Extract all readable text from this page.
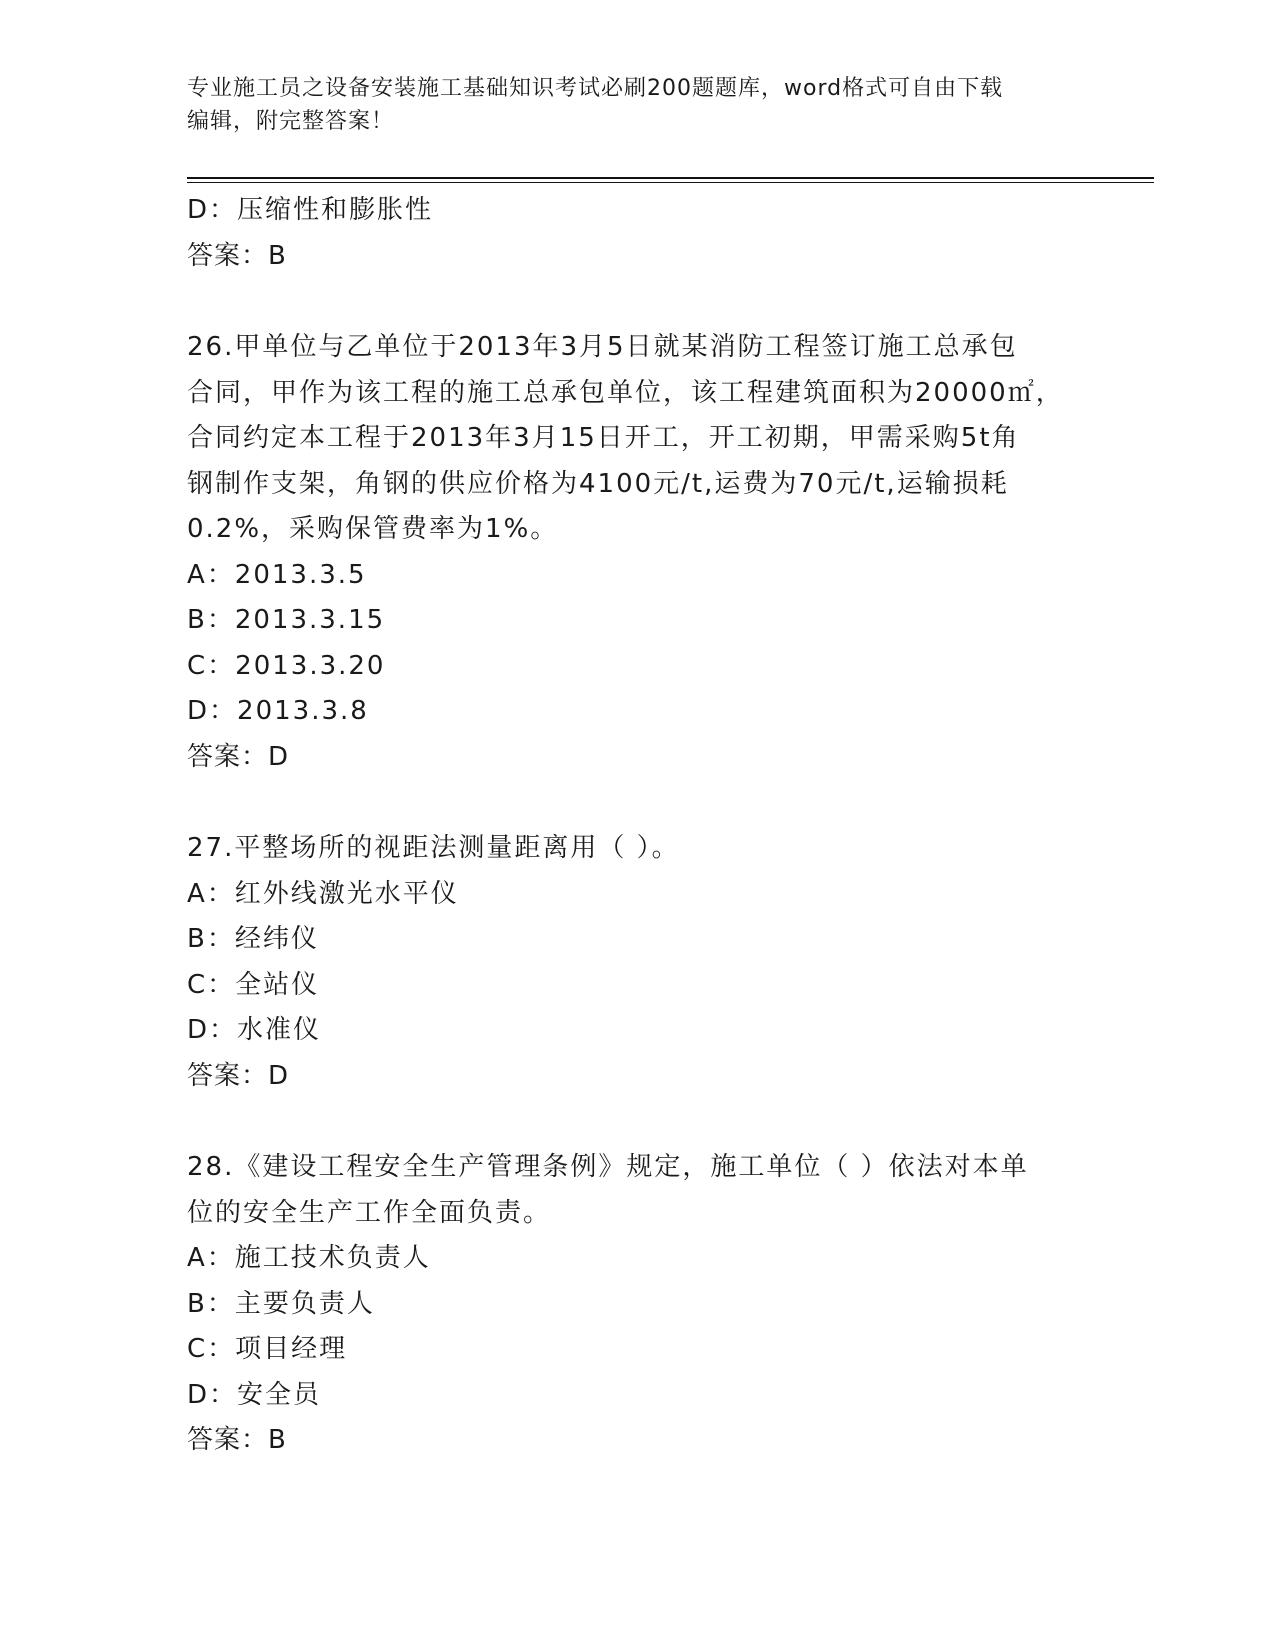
专业施工员之设备安装施工基础知识考试必刷200题题库，word格式可自由下载
编辑，附完整答案！
D：压缩性和膨胀性
答案：B
26.甲单位与乙单位于2013年3月5日就某消防工程签订施工总承包
合同，甲作为该工程的施工总承包单位，该工程建筑面积为20000㎡，
合同约定本工程于2013年3月15日开工，开工初期，甲需采购5t角
钢制作支架，角钢的供应价格为4100元/t,运费为70元/t,运输损耗
0.2%，采购保管费率为1%。
A：2013.3.5
B：2013.3.15
C：2013.3.20
D：2013.3.8
答案：D
27.平整场所的视距法测量距离用（ ）。
A：红外线激光水平仪
B：经纬仪
C：全站仪
D：水准仪
答案：D
28.《建设工程安全生产管理条例》规定，施工单位（ ）依法对本单
位的安全生产工作全面负责。
A：施工技术负责人
B：主要负责人
C：项目经理
D：安全员
答案：B
